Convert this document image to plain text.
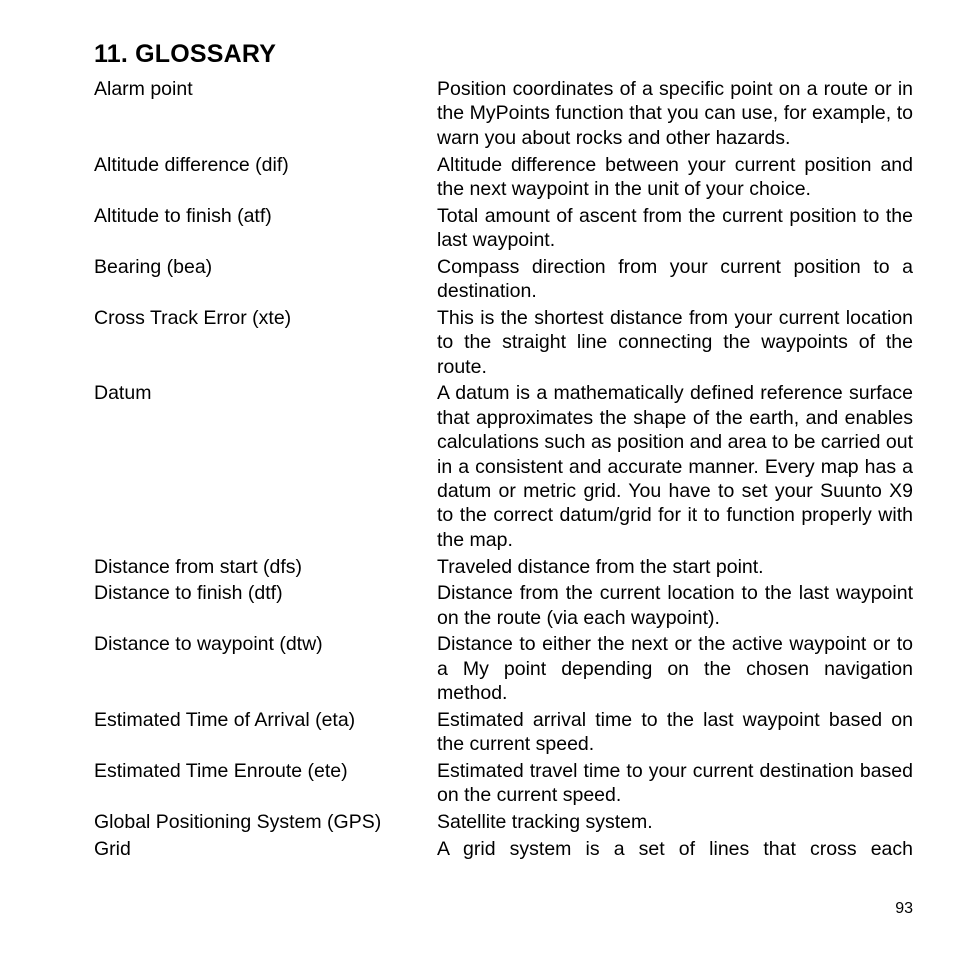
11. GLOSSARY
Alarm point	Position coordinates of a specific point on a route or in the MyPoints function that you can use, for example, to warn you about rocks and other hazards.
Altitude difference (dif)	Altitude difference between your current position and the next waypoint in the unit of your choice.
Altitude to finish (atf)	Total amount of ascent from the current position to the last waypoint.
Bearing (bea)	Compass direction from your current position to a destination.
Cross Track Error (xte)	This is the shortest distance from your current location to the straight line connecting the waypoints of the route.
Datum	A datum is a mathematically defined reference surface that approximates the shape of the earth, and enables calculations such as position and area to be carried out in a consistent and accurate manner. Every map has a datum or metric grid. You have to set your Suunto X9 to the correct datum/grid for it to function properly with the map.
Distance from start (dfs)	Traveled distance from the start point.
Distance to finish (dtf)	Distance from the current location to the last waypoint on the route (via each waypoint).
Distance to waypoint (dtw)	Distance to either the next or the active waypoint or to a My point depending on the chosen navigation method.
Estimated Time of Arrival (eta)	Estimated arrival time to the last waypoint based on the current speed.
Estimated Time Enroute (ete)	Estimated travel time to your current destination based on the current speed.
Global Positioning System (GPS)	Satellite tracking system.
Grid	A grid system is a set of lines that cross each
93
